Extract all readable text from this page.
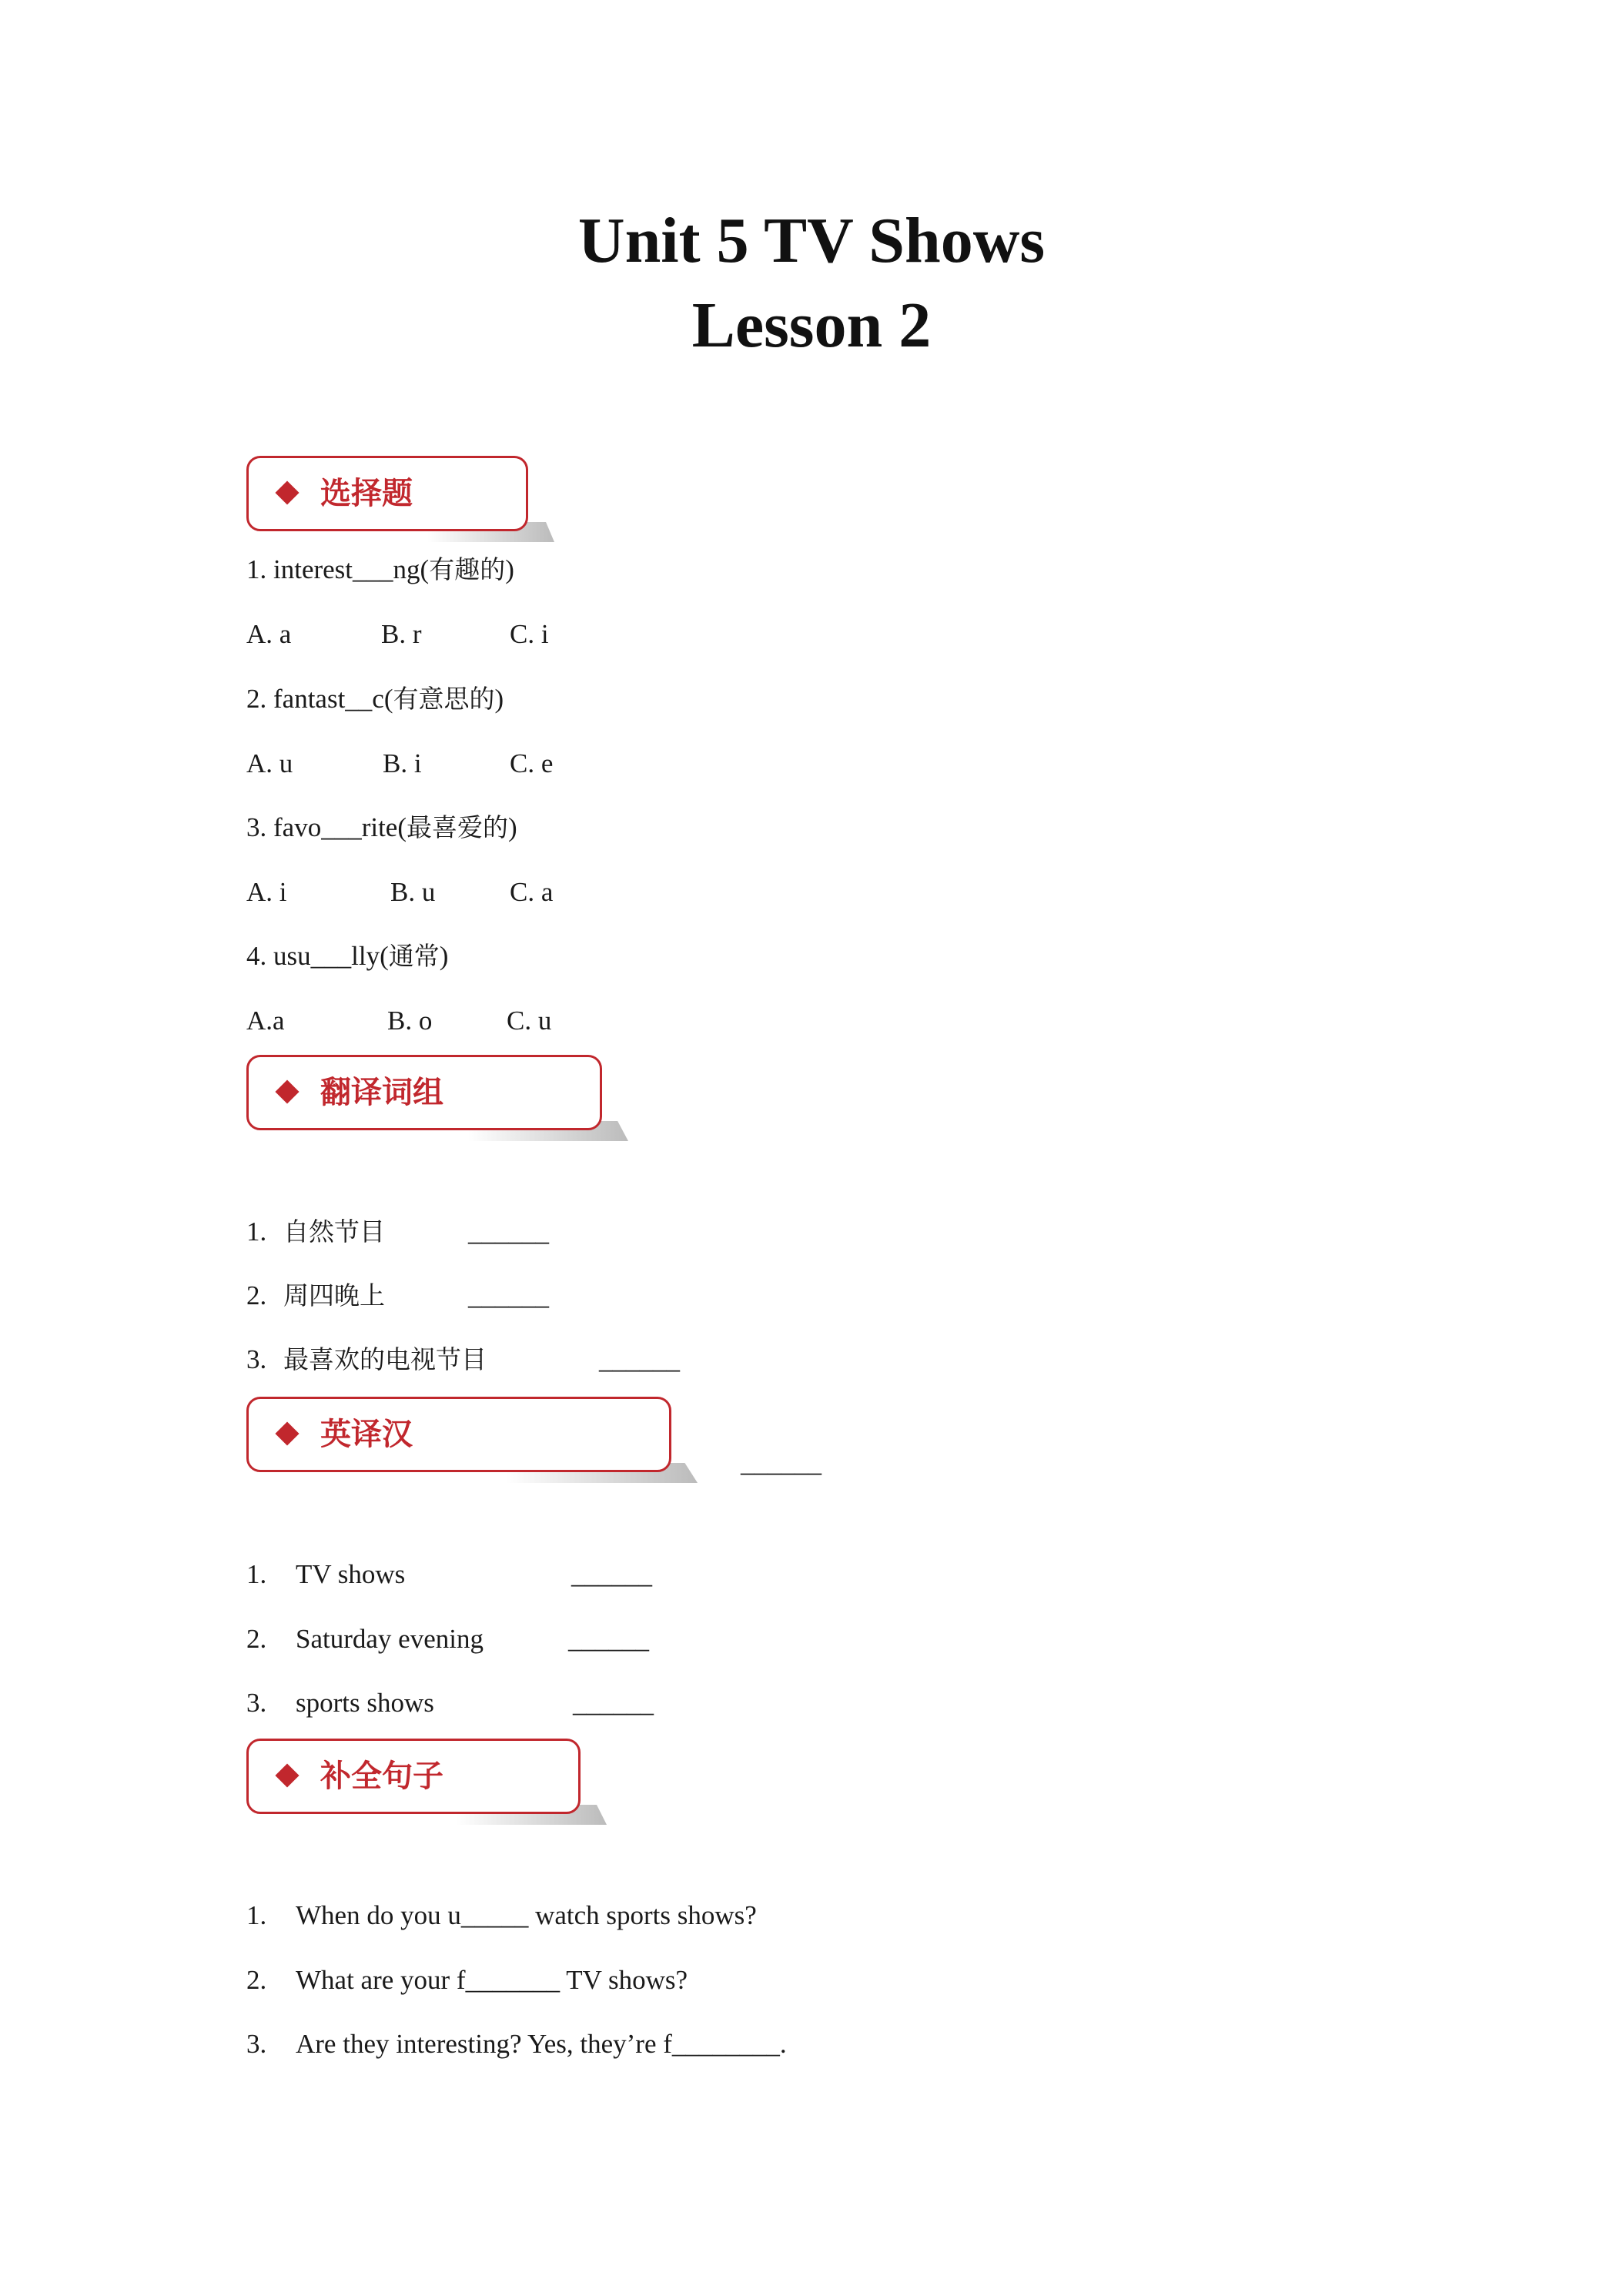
Unit 5 TV Shows
Lesson 2
选择题
1. interest___ng(有趣的)
A. a	B. r	C. i
2. fantast__c(有意思的)
A. u	B. i	C. e
3. favo___rite(最喜爱的)
A. i	B. u	C. a
4. usu___lly(通常)
A.a	B. o	C. u
翻译词组
1. 自然节目	______
2. 周四晚上	______
3. 最喜欢的电视节目	______
英译汉
______
1. TV shows	______
2. Saturday evening	______
3. sports shows	______
补全句子
1. When do you u_____ watch sports shows?
2. What are your f_______ TV shows?
3. Are they interesting? Yes, they’re f________.
